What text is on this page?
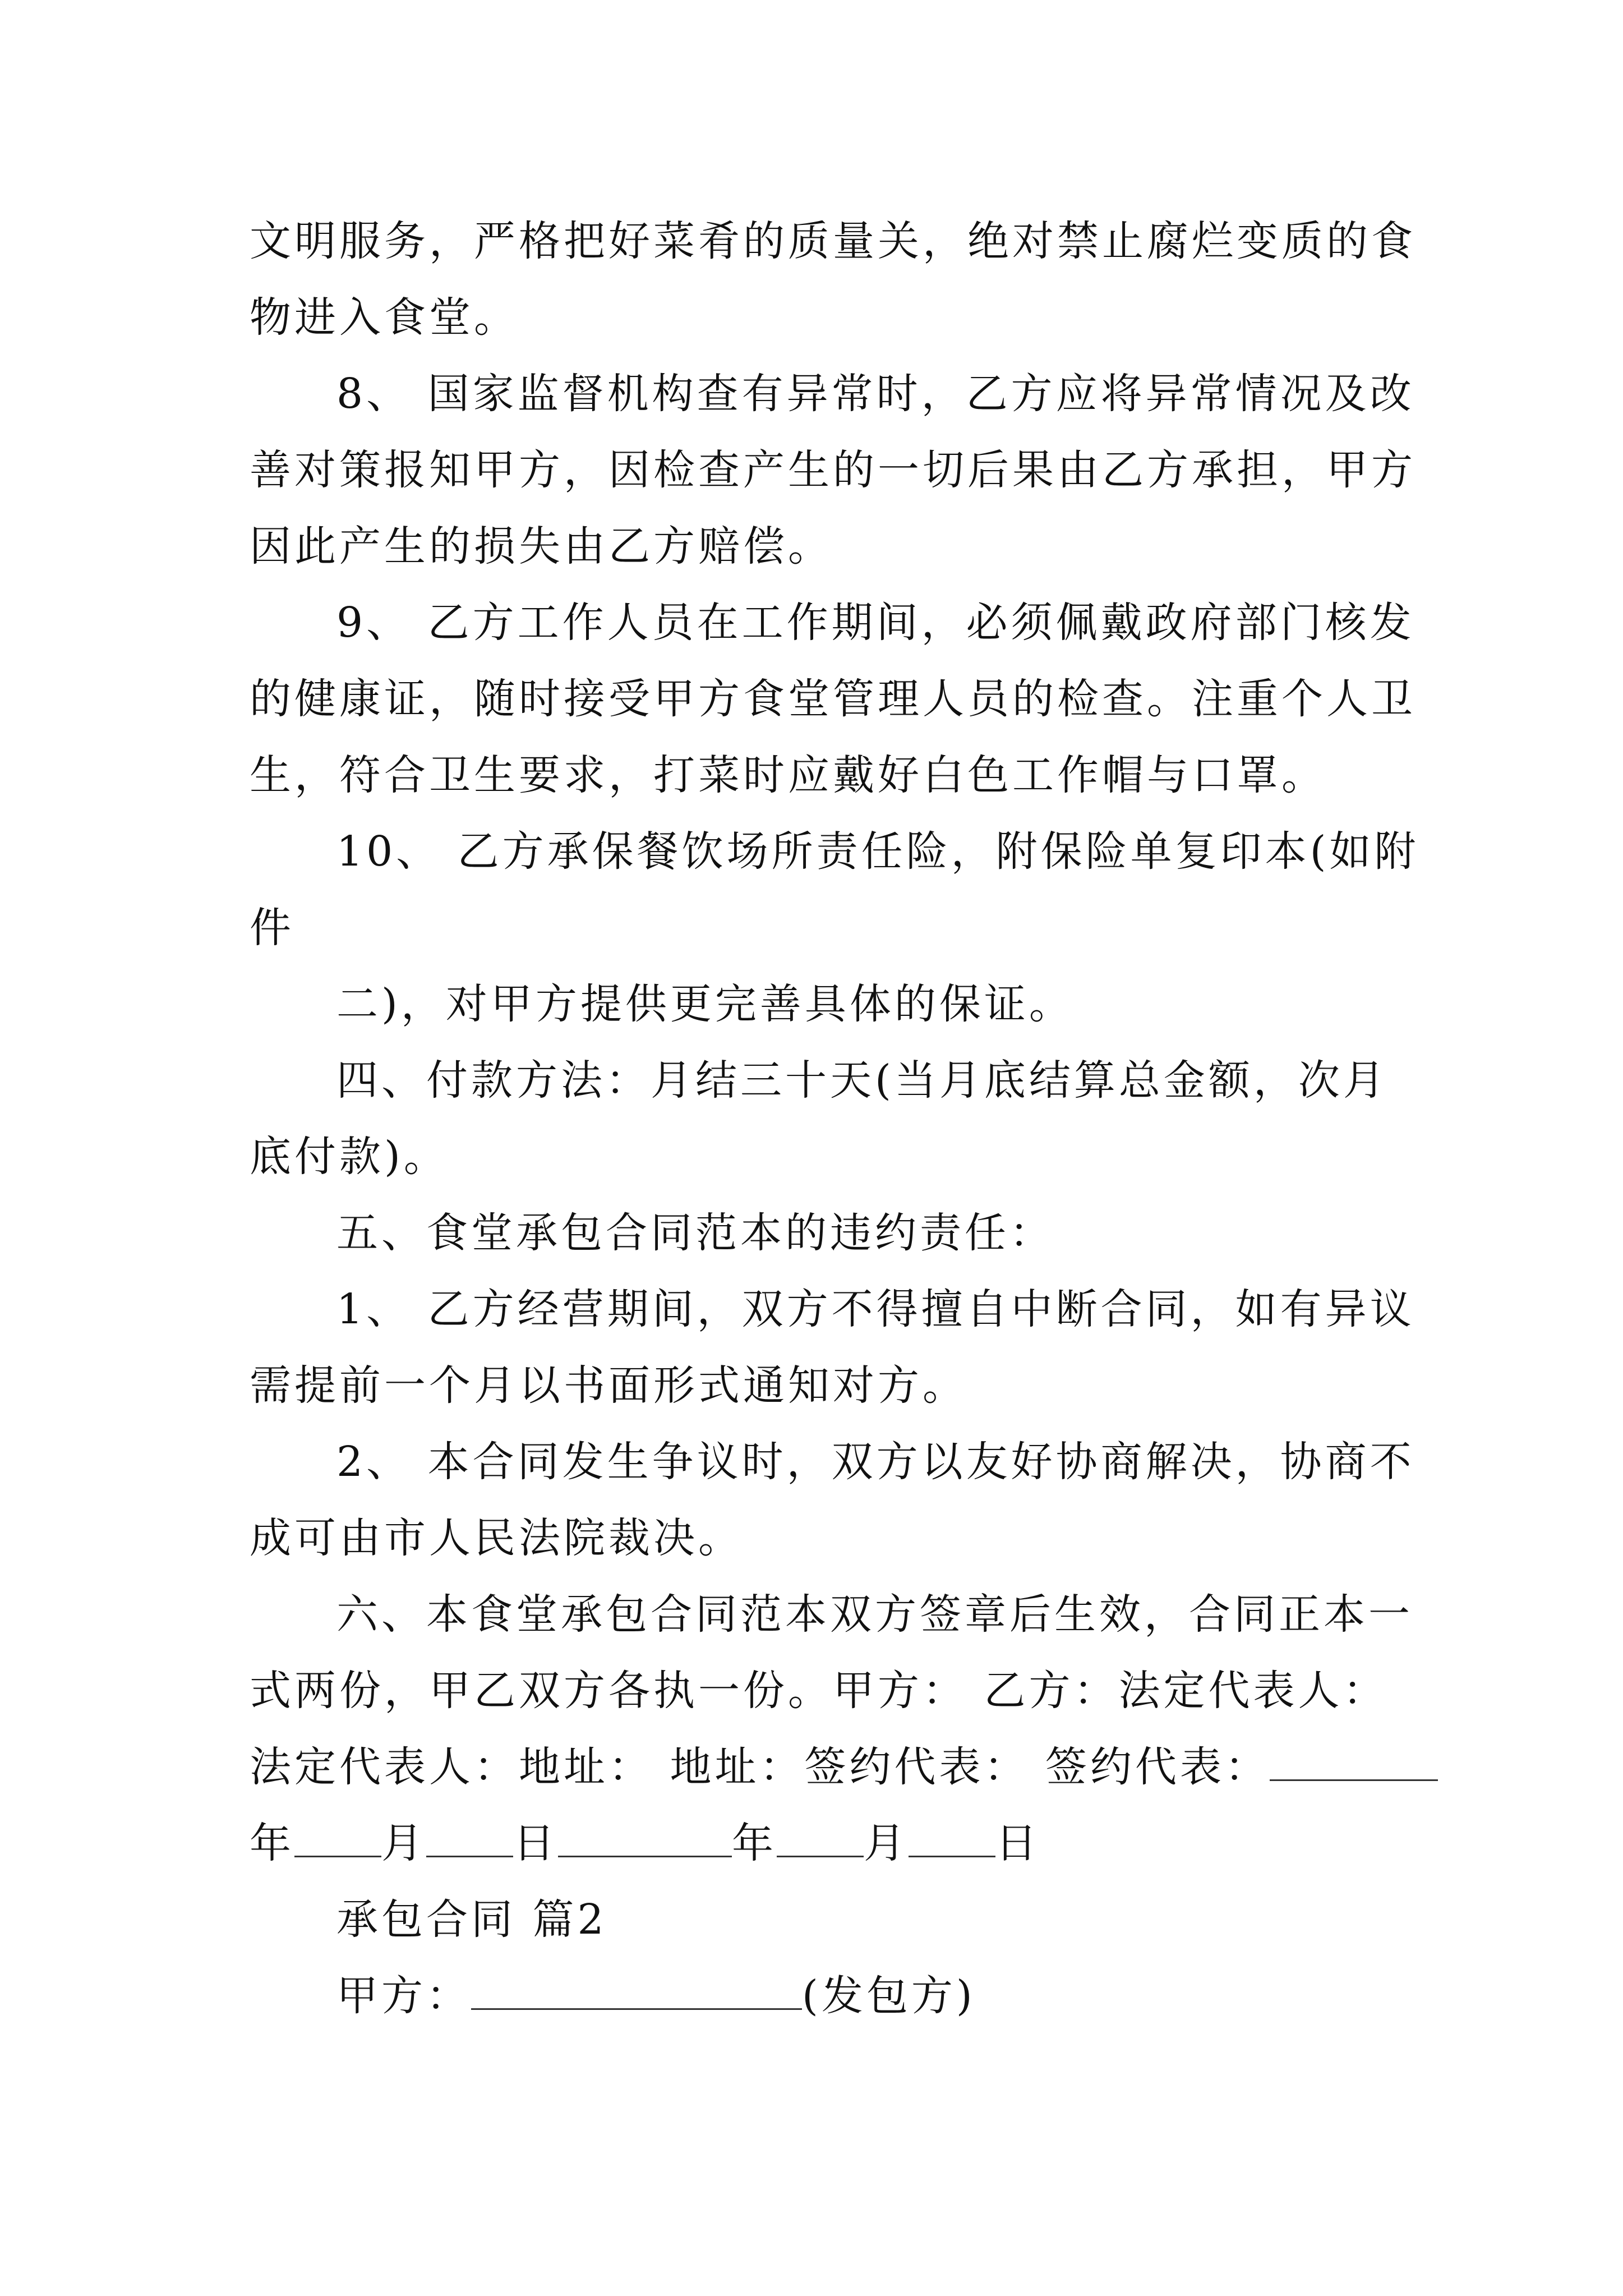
文明服务，严格把好菜肴的质量关，绝对禁止腐烂变质的食
物进入食堂。
8、 国家监督机构查有异常时，乙方应将异常情况及改
善对策报知甲方，因检查产生的一切后果由乙方承担，甲方
因此产生的损失由乙方赔偿。
9、 乙方工作人员在工作期间，必须佩戴政府部门核发
的健康证，随时接受甲方食堂管理人员的检查。注重个人卫
生，符合卫生要求，打菜时应戴好白色工作帽与口罩。
10、 乙方承保餐饮场所责任险，附保险单复印本(如附
件
二)，对甲方提供更完善具体的保证。
四、付款方法：月结三十天(当月底结算总金额，次月
底付款)。
五、食堂承包合同范本的违约责任：
1、 乙方经营期间，双方不得擅自中断合同，如有异议
需提前一个月以书面形式通知对方。
2、 本合同发生争议时，双方以友好协商解决，协商不
成可由市人民法院裁决。
六、本食堂承包合同范本双方签章后生效，合同正本一
式两份，甲乙双方各执一份。甲方： 乙方：法定代表人：
法定代表人：地址： 地址：签约代表： 签约代表：
年 月 日	年 月 日
承包合同 篇2
甲方：	(发包方)
